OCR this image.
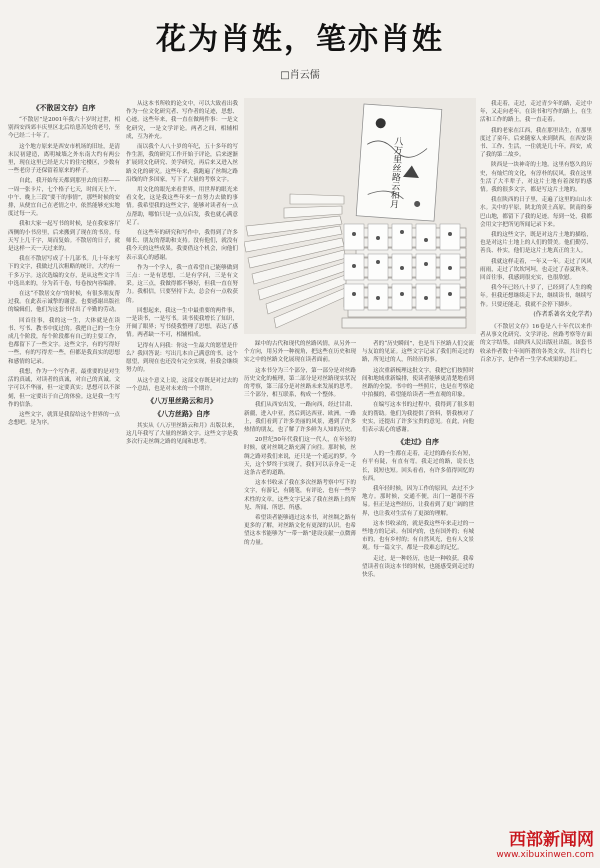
花为肖姓，笔亦肖姓
□肖云儒

《不散居文存》自序

“不散居”是2001年我六十岁时过世，相别西安西郊丰庆里区北后给患苦处的老号，至今已经二十年了。

这个地方原来是西安市机场的旧址，是清末民初建造，离明城墙之外东南大约有两公里，现在这里已经是大片的住宅楼区，少数有一些老房子还保留着原来的样子。

自此，我开始每天都到那里去的日程——一周一张卡片，七个格子七天，时间天上午、中午、晚上三段“要干的事情”，那些时候的安排，从便宜自己在老情之中，依然能够充实地度过每一天。

我和大家一起写书的时候，是在我家客厅西侧的小书房里，后来搬到了现在的书房。每天写上几千字，周而复始。不散居的日子，就是这样一天一天过来的。

我在不散居写成了十几部书。几十年来写下的文字，我做过几次粗略的统计，大约有一千多万字。这次选编的文存，是从这些文字当中选出来的，分为若干卷，每卷按内容编排。

在这“不散居文存”的时候，有很多朋友帮过我。在此表示诚挚的谢意。也要感谢出版社的编辑们，他们为这套书付出了辛勤的劳动。

回首往事，我的这一生，大体就是在读书、写书、教书中度过的。我把自己的一生分成几个阶段，每个阶段都有自己的主要工作，也都留下了一些文字。这些文字，有的写得好一些，有的写得差一些，但都是我真实的思想和感情的记录。

我想，作为一个写作者，最重要的是对生活的真诚，对读者的真诚，对自己的真诚。文字可以不华丽，但一定要真实；思想可以不深刻，但一定要出于自己的体验。这是我一生写作的信条。

这些文字，就算是我留给这个世界的一点念想吧。是为序。

从这本书所收的论文中，可以大致看出我作为一位文化研究者、写作者的足迹，思想、心迹。这些年来，我一直在做两件事：一是文化研究，一是文学评论。两者之间，相辅相成，互为补充。

而以我个人八十岁的年纪，五十多年的写作生涯，我的研究工作开始于评论，后来逐渐扩展到文化研究、美学研究，再后来又进入丝路文化的研究。这些年来，我跑遍了丝绸之路沿线的许多国家，写下了大量的考察文字。

用文化的眼光来看世界，用世界的眼光来看文化，这是我这些年来一直努力去做的事情。我希望我的这些文字，能够对读者有一点点帮助，哪怕只是一点点启发，我也就心满意足了。

在这些年的研究和写作中，我得到了许多师长、朋友的帮助和支持。没有他们，就没有我今天的这些成果。我要借这个机会，向他们表示衷心的感谢。

作为一个学人，我一直希望自己能够做到三点：一是有思想，二是有学问，三是有文采。这三点，我做得都不够好，但我一直在努力。我相信，只要坚持下去，总会有一点收获的。

回想起来，我这一生中最重要的两件事，一是读书，一是写书。读书使我增长了知识，开阔了眼界；写书使我整理了思想，表达了感情。两者缺一不可，相辅相成。

记得有人问我：你这一生最大的愿望是什么？我回答说：写出几本自己满意的书。这个愿望，到现在也还没有完全实现，但我会继续努力的。

从这个意义上说，这部文存既是对过去的一个总结，也是对未来的一个期许。

《八万里丝路云和月》

《八方丝路》自序

其实从《八万里丝路云和月》出版以来，这几年我写了大量的丝路文字。这些文字是我多次行走丝绸之路的见闻和思考。

八万里丝路云和月

踩中的古代和现代的丝路风情，从另外一个方向，用另外一种视角，把这些在历史和现实之中的丝路文化展现在读者面前。

这本书分为三个部分，第一部分是对丝路历史文化的梳理，第二部分是对丝路现实状况的考察，第三部分是对丝路未来发展的思考。三个部分，相互联系，构成一个整体。

我们从西安出发，一路向西，经过甘肃、新疆，进入中亚，然后到达西亚、欧洲。一路上，我们看到了许多美丽的风景，遇到了许多热情的朋友，也了解了许多鲜为人知的历史。

20世纪50年代我们这一代人，在年轻的时候，就对丝绸之路充满了向往。那时候，丝绸之路对我们来说，还只是一个遥远的梦。今天，这个梦终于实现了，我们可以亲身走一走这条古老的道路。

这本书收录了我在多次丝路考察中写下的文字，有游记，有随笔，有评论，也有一些学术性的文章。这些文字记录了我在丝路上的所见、所闻、所思、所感。

希望读者能够通过这本书，对丝绸之路有更多的了解，对丝路文化有更深的认识。也希望这本书能够为“一带一路”建设贡献一点微薄的力量。

者的“历史瞬间”，也是当下丝路人们交流与友谊的见证。这些文字记录了我们所走过的路，所见过的人，所经历的事。

这次重新梳理这批文字，我把它们按照时间和地域重新编排，使读者能够更清楚地看到丝路的全貌。书中的一些照片，也是在考察途中拍摄的，希望能给读者一些直观的印象。

在编写这本书的过程中，我得到了很多朋友的帮助。他们为我提供了资料，帮我核对了史实，还提出了许多宝贵的意见。在此，向他们表示衷心的感谢。

《走过》自序

人的一生都在走着，走过的路有长有短，有平有陡，有直有弯。我走过的路，说长也长，说短也短。回头看看，有许多值得回忆的东西。

我年轻时候，因为工作的原因，去过不少地方。那时候，交通不便，出门一趟很不容易。但正是这些经历，让我看到了更广阔的世界，也让我对生活有了更深的理解。

这本书收录的，就是我这些年来走过的一些地方的记录。有国内的，也有国外的；有城市的，也有乡村的；有自然风光，也有人文景观。每一篇文字，都是一段难忘的记忆。

走过，是一种经历，也是一种收获。我希望读者在读这本书的时候，也能感受到走过的快乐。

我走着，走过，走过青少年的路，走过中年，又走向老年。在读书和写作的路上，在生活和工作的路上，我一直走着。

我的老家在江西，我在那里出生，在那里度过了童年。后来随家人来到陕西，在西安读书、工作、生活，一住就是几十年。西安，成了我的第二故乡。

陕西是一块神奇的土地。这里有悠久的历史，有灿烂的文化，有淳朴的民风。我在这里生活了大半辈子，对这片土地有着深厚的感情。我的很多文字，都是写这片土地的。

我在陕西的日子里，走遍了这里的山山水水。关中的平原，陕北的黄土高原，陕南的秦巴山地，都留下了我的足迹。每到一处，我都会用文字把所见所闻记录下来。

我的这些文字，既是对这片土地的描绘，也是对这片土地上的人们的赞美。他们勤劳、善良、朴实，他们是这片土地真正的主人。

我就这样走着，一年又一年。走过了风风雨雨，走过了坎坎坷坷，也走过了春夏秋冬。回首往事，我感到很充实，也很欣慰。

我今年已经八十岁了，已经到了人生的晚年。但我还想继续走下去，继续读书，继续写作。只要还能走，我就不会停下脚步。

(作者系著名文化学者)

《不散居文存》16卷是八十年代以来作者从事文化研究、文学评论、丝路考察等方面的文字结集，由陕西人民出版社出版。该套书收录作者数十年间所著的各类文章，共计约七百余万字，是作者一生学术成果的总汇。

西部新闻网
www.xibuxinwen.com
